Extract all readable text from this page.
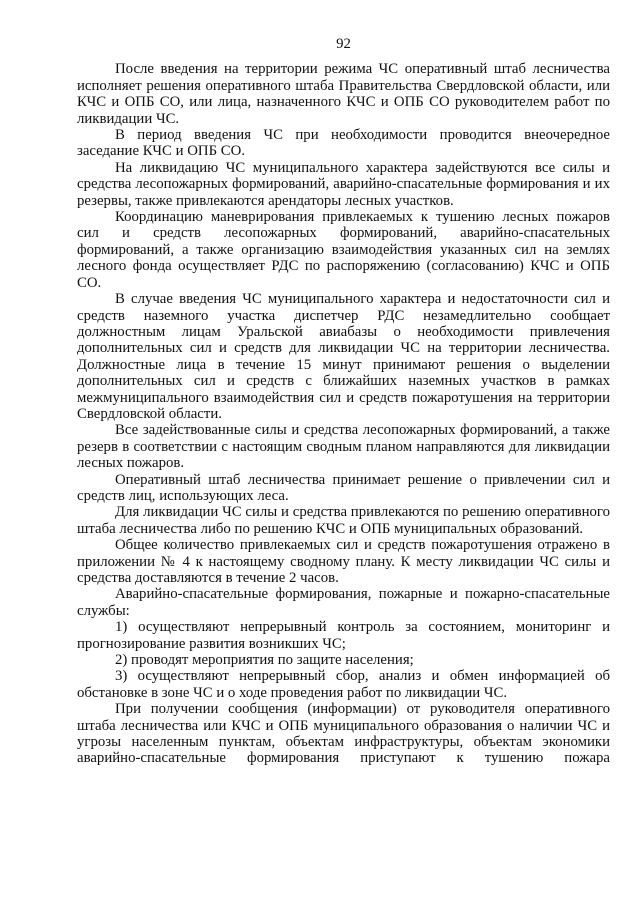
92

После введения на территории режима ЧС оперативный штаб лесничества исполняет решения оперативного штаба Правительства Свердловской области, или КЧС и ОПБ СО, или лица, назначенного КЧС и ОПБ СО руководителем работ по ликвидации ЧС.

В период введения ЧС при необходимости проводится внеочередное заседание КЧС и ОПБ СО.

На ликвидацию ЧС муниципального характера задействуются все силы и средства лесопожарных формирований, аварийно-спасательные формирования и их резервы, также привлекаются арендаторы лесных участков.

Координацию маневрирования привлекаемых к тушению лесных пожаров сил и средств лесопожарных формирований, аварийно-спасательных формирований, а также организацию взаимодействия указанных сил на землях лесного фонда осуществляет РДС по распоряжению (согласованию) КЧС и ОПБ СО.

В случае введения ЧС муниципального характера и недостаточности сил и средств наземного участка диспетчер РДС незамедлительно сообщает должностным лицам Уральской авиабазы о необходимости привлечения дополнительных сил и средств для ликвидации ЧС на территории лесничества. Должностные лица в течение 15 минут принимают решения о выделении дополнительных сил и средств с ближайших наземных участков в рамках межмуниципального взаимодействия сил и средств пожаротушения на территории Свердловской области.

Все задействованные силы и средства лесопожарных формирований, а также резерв в соответствии с настоящим сводным планом направляются для ликвидации лесных пожаров.

Оперативный штаб лесничества принимает решение о привлечении сил и средств лиц, использующих леса.

Для ликвидации ЧС силы и средства привлекаются по решению оперативного штаба лесничества либо по решению КЧС и ОПБ муниципальных образований.

Общее количество привлекаемых сил и средств пожаротушения отражено в приложении № 4 к настоящему сводному плану. К месту ликвидации ЧС силы и средства доставляются в течение 2 часов.

Аварийно-спасательные формирования, пожарные и пожарно-спасательные службы:

1) осуществляют непрерывный контроль за состоянием, мониторинг и прогнозирование развития возникших ЧС;

2) проводят мероприятия по защите населения;

3) осуществляют непрерывный сбор, анализ и обмен информацией об обстановке в зоне ЧС и о ходе проведения работ по ликвидации ЧС.

При получении сообщения (информации) от руководителя оперативного штаба лесничества или КЧС и ОПБ муниципального образования о наличии ЧС и угрозы населенным пунктам, объектам инфраструктуры, объектам экономики аварийно-спасательные формирования приступают к тушению пожара
